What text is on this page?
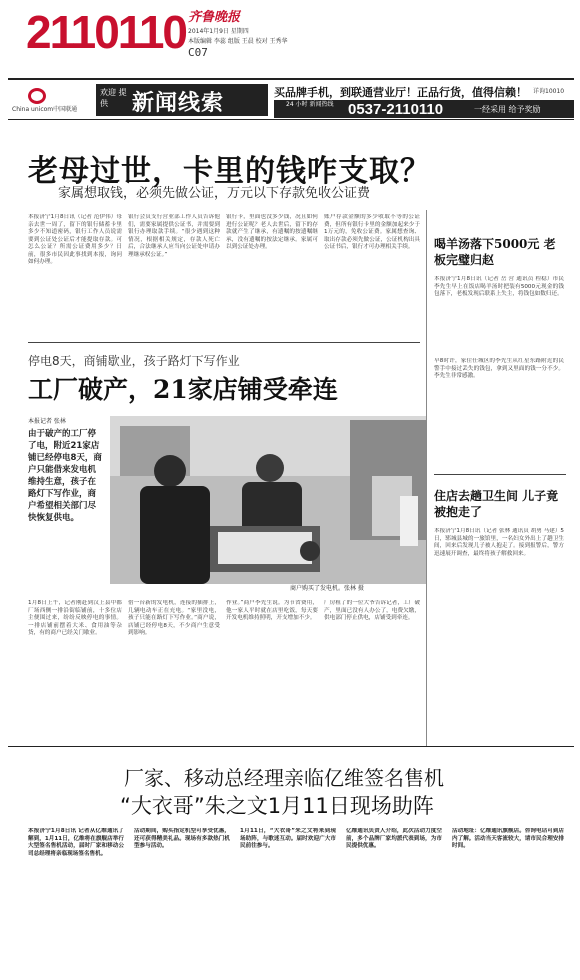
2110110 齐鲁晚报
2014年1月9日 星期四
本版编辑 李蕊 组版 王晨 校对 王秀华
C07
China unicom中国联通
欢迎 提供	新闻线索	买品牌手机，到联通营业厅！正品行货，值得信赖！ 详询10010
24 小时 新闻热线 0537-2110110	一经采用 给予奖励
老母过世，卡里的钱咋支取？
家属想取钱，必须先做公证，万元以下存款免收公证费
本报济宁1月8日讯（记者 范伊伟）母亲去世一周了，留下的银行储蓄卡里多少不知道密码，银行工作人员说需要到公证处公证后才能提取存款。可怎么公证？所需公证费用多少？日前，很多市民因此事找到本报，询问如何办理。
银行会员支行营业部工作人员告诉他们，需要家属提供公证书，并需要到银行办理取款手续。“很少遇到这种情况，根据相关规定，存款人死亡后，合法继承人应当向公证处申请办理继承权公证。”
银行卡，里面也没多少钱，况且如何进行公证呢？老人去世后，留下的存款就产生了继承，有遗嘱的按遗嘱继承，没有遗嘱的按法定继承。家属可以到公证处办理。
账户存款金额的多少收取不等的公证费，但所有银行卡里的金额加起来少于1万元的，免收公证费。家属想查询、取出存款必须先做公证，公证机构出具公证书后，银行才可办理相关手续。
停电8天，商铺歇业，孩子路灯下写作业
工厂破产，21家店铺受牵连
本报记者 张林
由于破产的工厂停了电，附近21家店铺已经停电8天，商户只能借来发电机维持生意，孩子在路灯下写作业，商户希望相关部门尽快恢复供电。
商户购买了发电机。张林 摄
1月8日上午，记者刚赶到汉上县中都厂场西侧一排沿街临铺前，十多位店主便围过来，纷纷反映停电的事情。一排店铺前摆着大米、食用油等杂货，有的商户已经关门歇业。
借一台新的发电机，连接的插排上，几辆电动车正在充电。“家里没电，孩子只能在路灯下写作业。”商户说，店铺已经停电8天，不少商户生意受到影响。
作业。”商户李先生说。为节省费用，他一家人平时就在店里吃饭，每天要开发电机维持照明，开支增加不少。
厂房租了的一位大爷告诉记者，工厂破产，里面已没有人办公了，电费欠缴，供电部门停止供电，店铺受到牵连。
喝羊汤落下5000元 老板完璧归赵
本报济宁1月8日讯（记者 岳 营 通讯员 程稳）市民李先生早上在饭店喝羊汤时把装有5000元现金的钱包落下，老板发现后联系上失主，将钱包如数归还。
早8时许，家住任城区的李先生从红星东路附近的民警手中接过丢失的钱包，拿到又里面的钱一分不少。李先生非常感激。
住店去趟卫生间 儿子竟被抱走了
本报济宁1月8日讯（记者 张林 通讯员 胡勇 马建）5日，郓城县城的一旅馆里，一名妇女外出上了趟卫生间，回来后发现儿子被人抱走了。接到报警后，警方迅速展开调查，最终将孩子解救回来。
厂家、移动总经理亲临亿维签名售机
“大衣哥”朱之文1月11日现场助阵
本报济宁1月8日讯 记者从亿维通讯了解到，1月11日，亿维将在旗舰店举行大型签名售机活动，届时厂家和移动公司总经理将亲临现场签名售机。
活动期间，购买指定机型可享受优惠，还可获得精美礼品。现场有多款热门机型参与活动。
1月11日，“大衣哥”朱之文将来到现场助阵，与歌迷互动。届时欢迎广大市民前往参与。
亿维通讯负责人介绍，此次活动力度空前，多个品牌厂家均派代表到场，为市民提供优惠。
活动地址：亿维通讯旗舰店。咨询电话可到店内了解。活动当天客流较大，请市民合理安排时间。
